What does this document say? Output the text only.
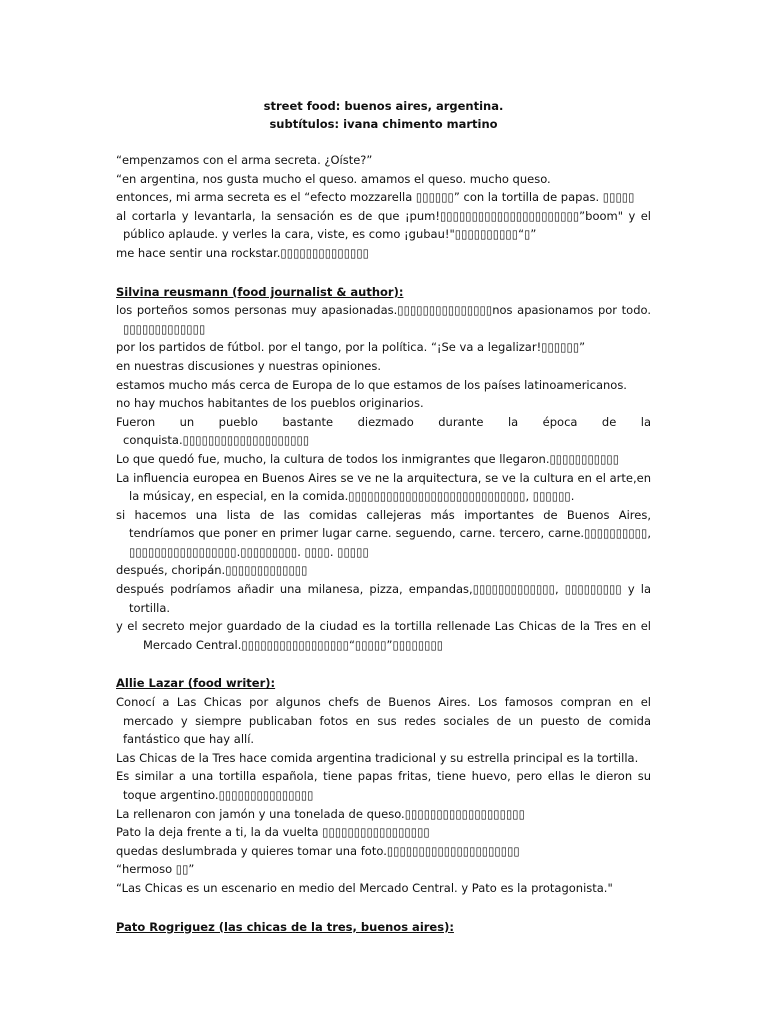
street food: buenos aires, argentina.
subtítulos: ivana chimento martino

“empenzamos con el arma secreta. ¿Oíste?”

“en argentina, nos gusta mucho el queso. amamos el queso. mucho queso.

entonces, mi arma secreta es el “efecto mozzarella ▯▯▯▯▯▯” con la tortilla de papas. ▯▯▯▯▯

al cortarla y levantarla, la sensación es de que ¡pum!▯▯▯▯▯▯▯▯▯▯▯▯▯▯▯▯▯▯▯▯▯▯”boom" y el público aplaude. y verles la cara, viste, es como ¡gubau!"▯▯▯▯▯▯▯▯▯▯“▯”

me hace sentir una rockstar.▯▯▯▯▯▯▯▯▯▯▯▯▯▯

Silvina reusmann (food journalist & author):

los porteños somos personas muy apasionadas.▯▯▯▯▯▯▯▯▯▯▯▯▯▯▯nos apasionamos por todo. ▯▯▯▯▯▯▯▯▯▯▯▯▯

por los partidos de fútbol. por el tango, por la política. “¡Se va a legalizar!▯▯▯▯▯▯”

en nuestras discusiones y nuestras opiniones.

estamos mucho más cerca de Europa de lo que estamos de los países latinoamericanos.

no hay muchos habitantes de los pueblos originarios.

Fueron un pueblo bastante diezmado durante la época de la conquista.▯▯▯▯▯▯▯▯▯▯▯▯▯▯▯▯▯▯▯▯

Lo que quedó fue, mucho, la cultura de todos los inmigrantes que llegaron.▯▯▯▯▯▯▯▯▯▯▯

La influencia europea en Buenos Aires se ve ne la arquitectura, se ve la cultura en el arte,en la músicay, en especial, en la comida.▯▯▯▯▯▯▯▯▯▯▯▯▯▯▯▯▯▯▯▯▯▯▯▯▯▯▯▯, ▯▯▯▯▯▯.

si hacemos una lista de las comidas callejeras más importantes de Buenos Aires, tendríamos que poner en primer lugar carne. seguendo, carne. tercero, carne.▯▯▯▯▯▯▯▯▯▯, ▯▯▯▯▯▯▯▯▯▯▯▯▯▯▯▯▯.▯▯▯▯▯▯▯▯▯. ▯▯▯▯. ▯▯▯▯▯

después, choripán.▯▯▯▯▯▯▯▯▯▯▯▯▯

después podríamos añadir una milanesa, pizza, empandas,▯▯▯▯▯▯▯▯▯▯▯▯▯, ▯▯▯▯▯▯▯▯▯ y la tortilla.

y el secreto mejor guardado de la ciudad es la tortilla rellenade Las Chicas de la Tres en el Mercado Central.▯▯▯▯▯▯▯▯▯▯▯▯▯▯▯▯▯“▯▯▯▯▯”▯▯▯▯▯▯▯▯

Allie Lazar (food writer):

Conocí a Las Chicas por algunos chefs de Buenos Aires. Los famosos compran en el mercado y siempre publicaban fotos en sus redes sociales de un puesto de comida fantástico que hay allí.

Las Chicas de la Tres hace comida argentina tradicional y su estrella principal es la tortilla.

Es similar a una tortilla española, tiene papas fritas, tiene huevo, pero ellas le dieron su toque argentino.▯▯▯▯▯▯▯▯▯▯▯▯▯▯▯

La rellenaron con jamón y una tonelada de queso.▯▯▯▯▯▯▯▯▯▯▯▯▯▯▯▯▯▯▯

Pato la deja frente a ti, la da vuelta ▯▯▯▯▯▯▯▯▯▯▯▯▯▯▯▯▯

quedas deslumbrada y quieres tomar una foto.▯▯▯▯▯▯▯▯▯▯▯▯▯▯▯▯▯▯▯▯▯

“hermoso ▯▯”

“Las Chicas es un escenario en medio del Mercado Central. y Pato es la protagonista."

Pato Rogriguez (las chicas de la tres, buenos aires):
